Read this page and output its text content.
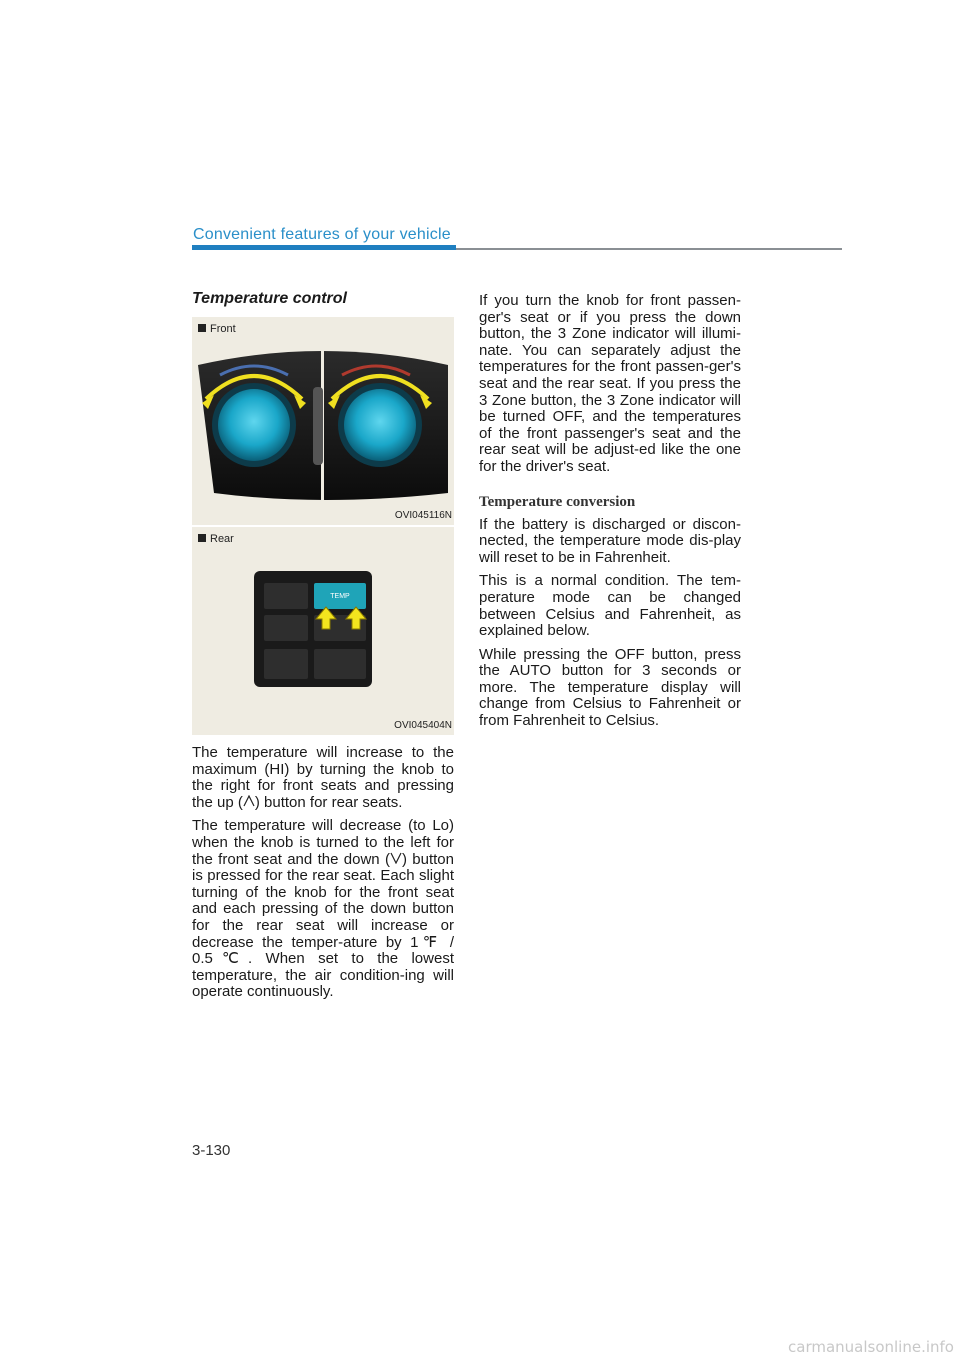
Convenient features of your vehicle
Temperature control
Front
OVI045116N
TEMP
Rear
OVI045404N

The temperature will increase to the maximum (HI) by turning the knob to the right for front seats and pressing the up ( ) button for rear seats.

The temperature will decrease (to Lo) when the knob is turned to the left for the front seat and the down ( ) button is pressed for the rear seat. Each slight turning of the knob for the front seat and each pressing of the down button for the rear seat will increase or decrease the temper-ature by 1℉ / 0.5℃. When set to the lowest temperature, the air condition-ing will operate continuously.

If you turn the knob for front passen-ger's seat or if you press the down button, the 3 Zone indicator will illumi-nate. You can separately adjust the temperatures for the front passen-ger's seat and the rear seat. If you press the 3 Zone button, the 3 Zone indicator will be turned OFF, and the temperatures of the front passenger's seat and the rear seat will be adjust-ed like the one for the driver's seat.

Temperature conversion

If the battery is discharged or discon-nected, the temperature mode dis-play will reset to be in Fahrenheit.

This is a normal condition. The tem-perature mode can be changed between Celsius and Fahrenheit, as explained below.

While pressing the OFF button, press the AUTO button for 3 seconds or more. The temperature display will change from Celsius to Fahrenheit or from Fahrenheit to Celsius.

3-130
carmanualsonline.info
